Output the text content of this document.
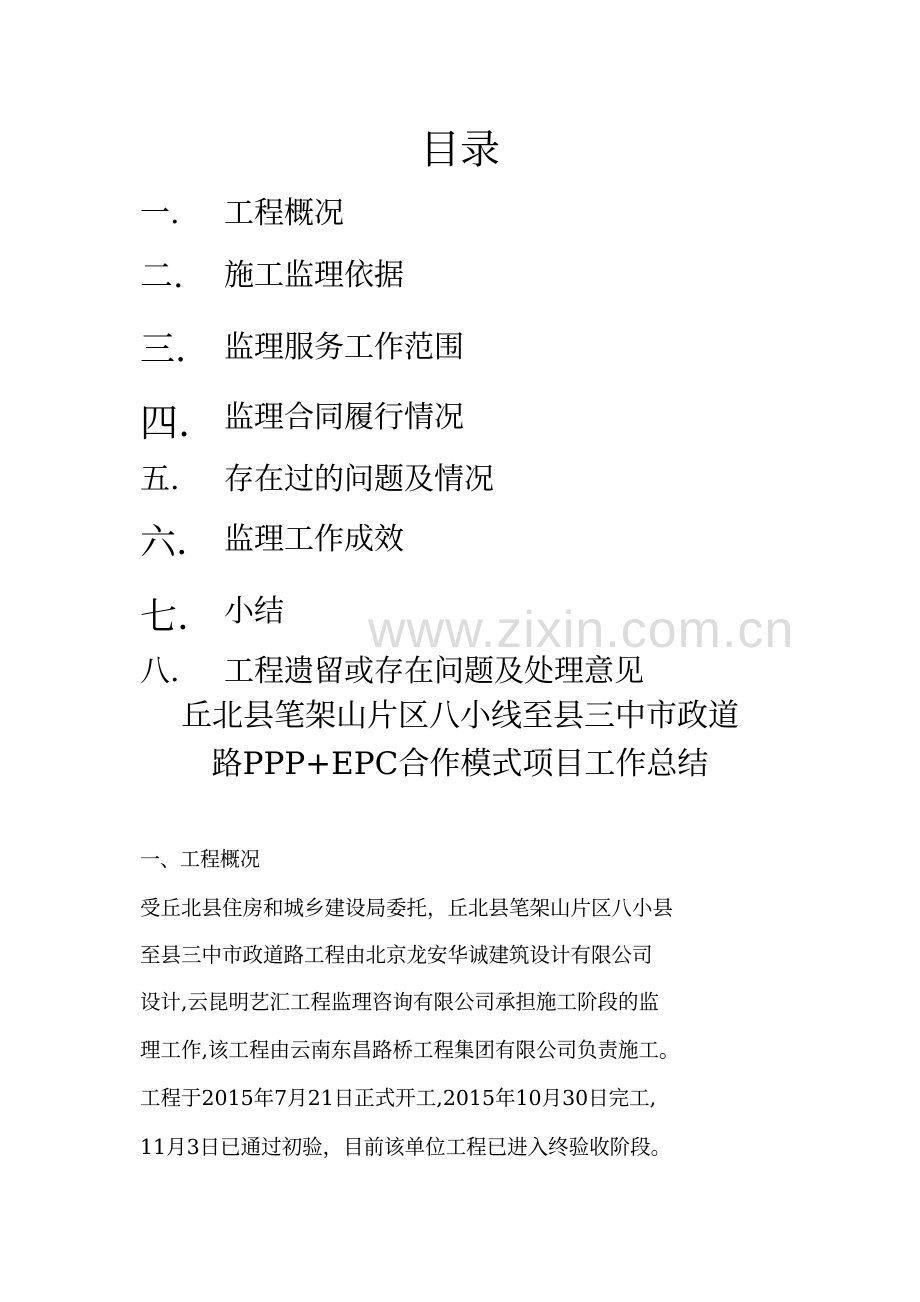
www.zixin.com.cn
目录
一. 工程概况
二. 施工监理依据
三. 监理服务工作范围
四. 监理合同履行情况
五. 存在过的问题及情况
六. 监理工作成效
七. 小结
八. 工程遗留或存在问题及处理意见
丘北县笔架山片区八小线至县三中市政道
路PPP+EPC合作模式项目工作总结
一、工程概况
受丘北县住房和城乡建设局委托，丘北县笔架山片区八小县
至县三中市政道路工程由北京龙安华诚建筑设计有限公司
设计,云昆明艺汇工程监理咨询有限公司承担施工阶段的监
理工作,该工程由云南东昌路桥工程集团有限公司负责施工。
工程于2015年7月21日正式开工,2015年10月30日完工,
11月3日已通过初验，目前该单位工程已进入终验收阶段。
